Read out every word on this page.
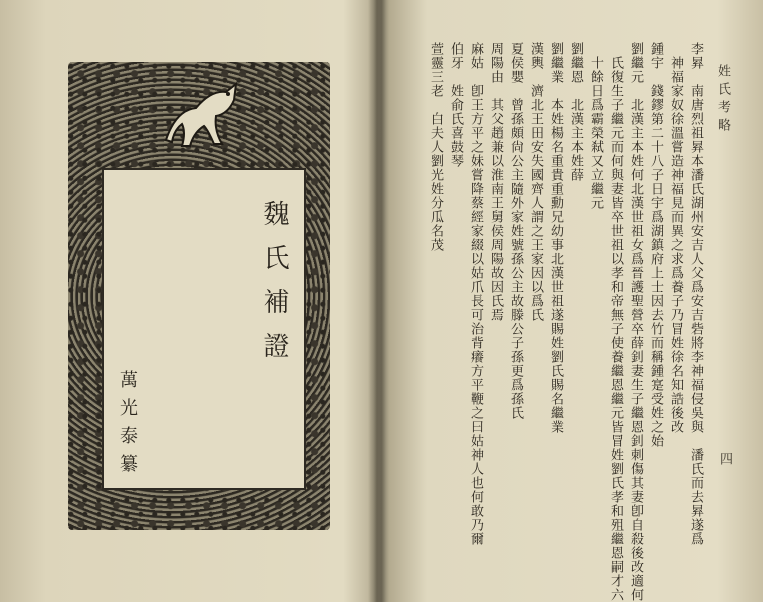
魏氏補證
萬光泰纂
姓氏考略
四
李昪　南唐烈祖昪本潘氏湖州安吉人父爲安吉砦將李神福侵吳與　潘氏而去昪遂爲
　神福家奴徐溫嘗造神福見而異之求爲養子乃冒姓徐名知誥後改
鍾宇　錢鏐第二十八子日宇爲湖鎮府上士因去竹而稱鍾寔受姓之始
劉繼元　北漢主本姓何北漢世祖女爲晉護聖營卒薛釗妻生子繼恩釗刺傷其妻卽自殺後改適何
　氏復生子繼元而何與妻皆卒世祖以孝和帝無子使養繼恩繼元皆冒姓劉氏孝和殂繼恩嗣才六
　十餘日爲霸榮弒又立繼元
劉繼恩　北漢主本姓薛
劉繼業　本姓楊名重貴重勳兄幼事北漢世祖遂賜姓劉氏賜名繼業
漢輿　濟北王田安失國齊人謂之王家因以爲氏
夏侯嬰　曾孫頗尙公主隨外家姓號孫公主故滕公子孫更爲孫氏
周陽由　其父趙兼以淮南王舅侯周陽故因氏焉
麻姑　卽王方平之妹嘗降蔡經家綴以姑爪長可治背癢方平鞭之曰姑神人也何敢乃爾
伯牙　姓俞氏喜鼓琴
萱靈三老　白夫人劉光姓分瓜名茂
